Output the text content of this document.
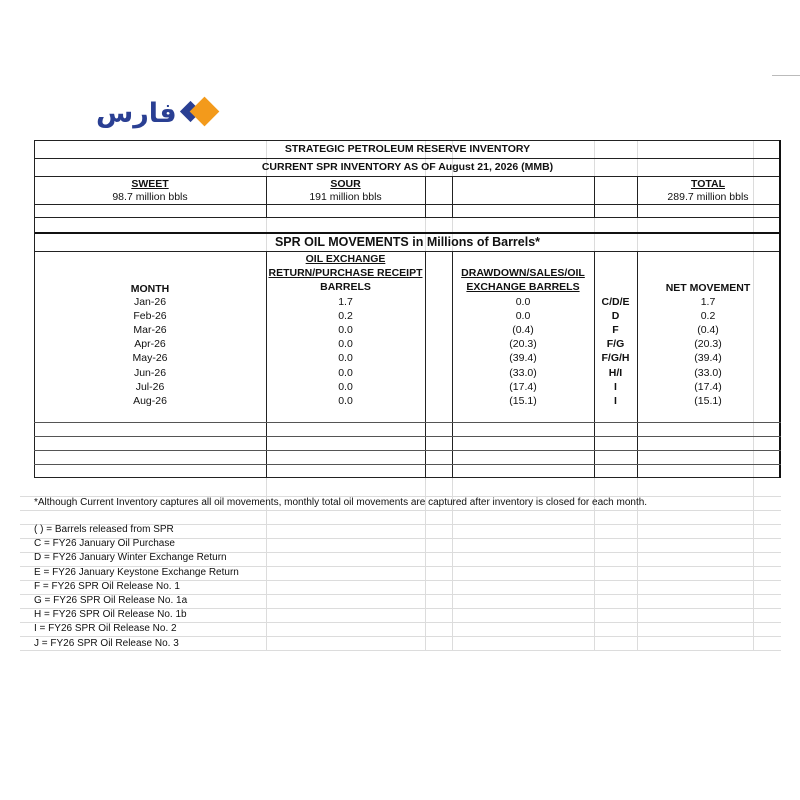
فارس
STRATEGIC PETROLEUM RESERVE INVENTORY
CURRENT SPR INVENTORY AS OF August 21, 2026 (MMB)
SWEET
98.7 million bbls
SOUR
191 million bbls
TOTAL
289.7 million bbls
SPR OIL MOVEMENTS in Millions of Barrels*
MONTH
OIL EXCHANGE
RETURN/PURCHASE RECEIPT
BARRELS
DRAWDOWN/SALES/OIL
EXCHANGE BARRELS	NET MOVEMENT
Jan-26	1.7	0.0	C/D/E	1.7
Feb-26	0.2	0.0	D	0.2
Mar-26	0.0	(0.4)	F	(0.4)
Apr-26	0.0	(20.3)	F/G	(20.3)
May-26	0.0	(39.4)	F/G/H	(39.4)
Jun-26	0.0	(33.0)	H/I	(33.0)
Jul-26	0.0	(17.4)	I	(17.4)
Aug-26	0.0	(15.1)	I	(15.1)
*Although Current Inventory captures all oil movements, monthly total oil movements are captured after inventory is closed for each month.
( ) = Barrels released from SPR
C = FY26 January Oil Purchase
D = FY26 January Winter Exchange Return
E = FY26 January Keystone Exchange Return
F = FY26 SPR Oil Release No. 1
G = FY26 SPR Oil Release No. 1a
H = FY26 SPR Oil Release No. 1b
I = FY26 SPR Oil Release No. 2
J = FY26 SPR Oil Release No. 3
